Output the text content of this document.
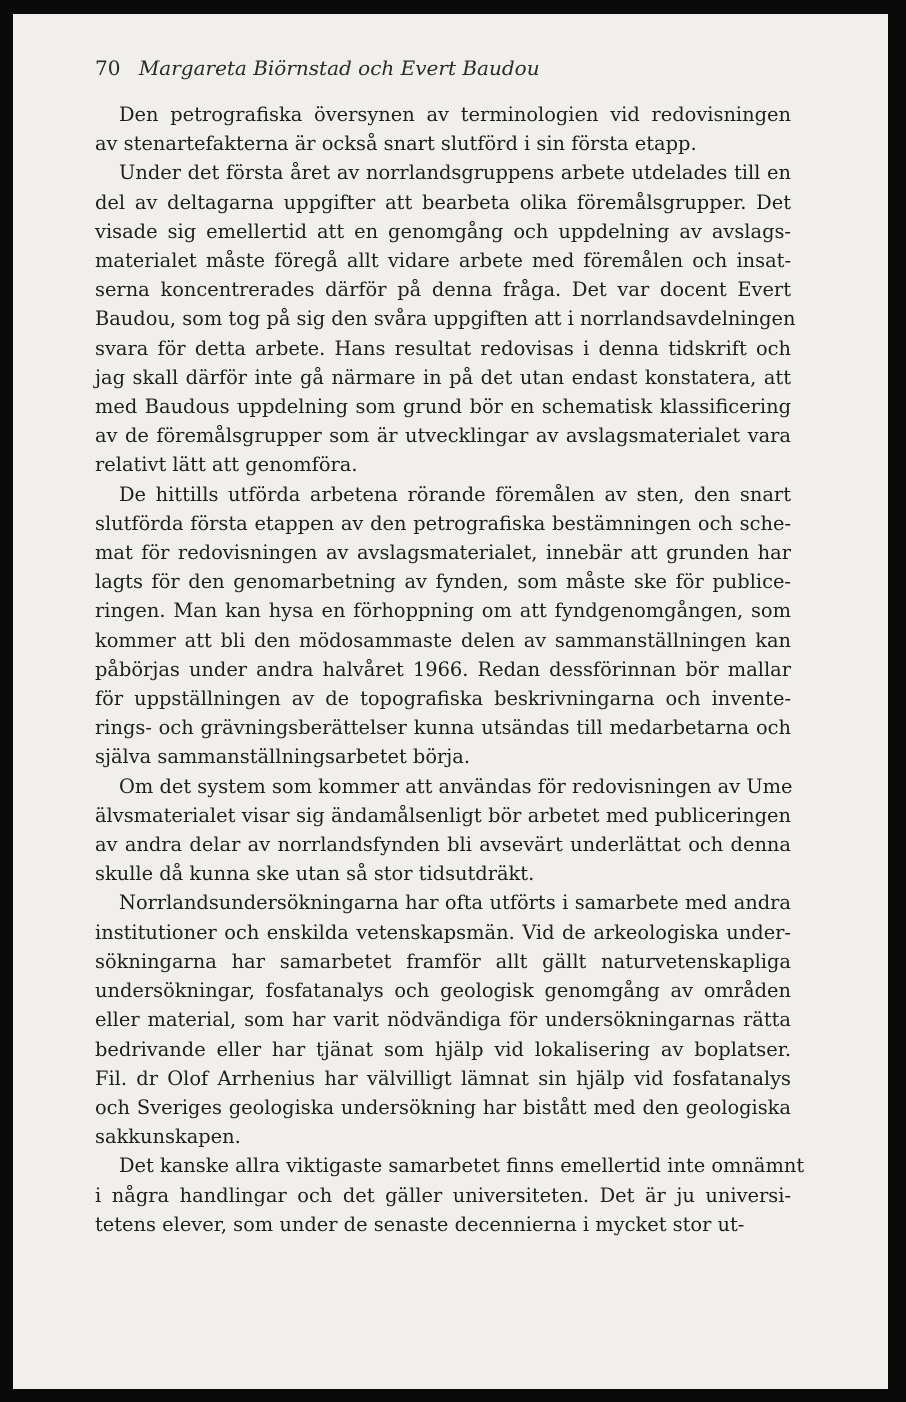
70 Margareta Biörnstad och Evert Baudou
Den petrografiska översynen av terminologien vid redovisningen
av stenartefakterna är också snart slutförd i sin första etapp.
Under det första året av norrlandsgruppens arbete utdelades till en
del av deltagarna uppgifter att bearbeta olika föremålsgrupper. Det
visade sig emellertid att en genomgång och uppdelning av avslags-
materialet måste föregå allt vidare arbete med föremålen och insat-
serna koncentrerades därför på denna fråga. Det var docent Evert
Baudou, som tog på sig den svåra uppgiften att i norrlandsavdelningen
svara för detta arbete. Hans resultat redovisas i denna tidskrift och
jag skall därför inte gå närmare in på det utan endast konstatera, att
med Baudous uppdelning som grund bör en schematisk klassificering
av de föremålsgrupper som är utvecklingar av avslagsmaterialet vara
relativt lätt att genomföra.
De hittills utförda arbetena rörande föremålen av sten, den snart
slutförda första etappen av den petrografiska bestämningen och sche-
mat för redovisningen av avslagsmaterialet, innebär att grunden har
lagts för den genomarbetning av fynden, som måste ske för publice-
ringen. Man kan hysa en förhoppning om att fyndgenomgången, som
kommer att bli den mödosammaste delen av sammanställningen kan
påbörjas under andra halvåret 1966. Redan dessförinnan bör mallar
för uppställningen av de topografiska beskrivningarna och invente-
rings- och grävningsberättelser kunna utsändas till medarbetarna och
själva sammanställningsarbetet börja.
Om det system som kommer att användas för redovisningen av Ume
älvsmaterialet visar sig ändamålsenligt bör arbetet med publiceringen
av andra delar av norrlandsfynden bli avsevärt underlättat och denna
skulle då kunna ske utan så stor tidsutdräkt.
Norrlandsundersökningarna har ofta utförts i samarbete med andra
institutioner och enskilda vetenskapsmän. Vid de arkeologiska under-
sökningarna har samarbetet framför allt gällt naturvetenskapliga
undersökningar, fosfatanalys och geologisk genomgång av områden
eller material, som har varit nödvändiga för undersökningarnas rätta
bedrivande eller har tjänat som hjälp vid lokalisering av boplatser.
Fil. dr Olof Arrhenius har välvilligt lämnat sin hjälp vid fosfatanalys
och Sveriges geologiska undersökning har bistått med den geologiska
sakkunskapen.
Det kanske allra viktigaste samarbetet finns emellertid inte omnämnt
i några handlingar och det gäller universiteten. Det är ju universi-
tetens elever, som under de senaste decennierna i mycket stor ut-
